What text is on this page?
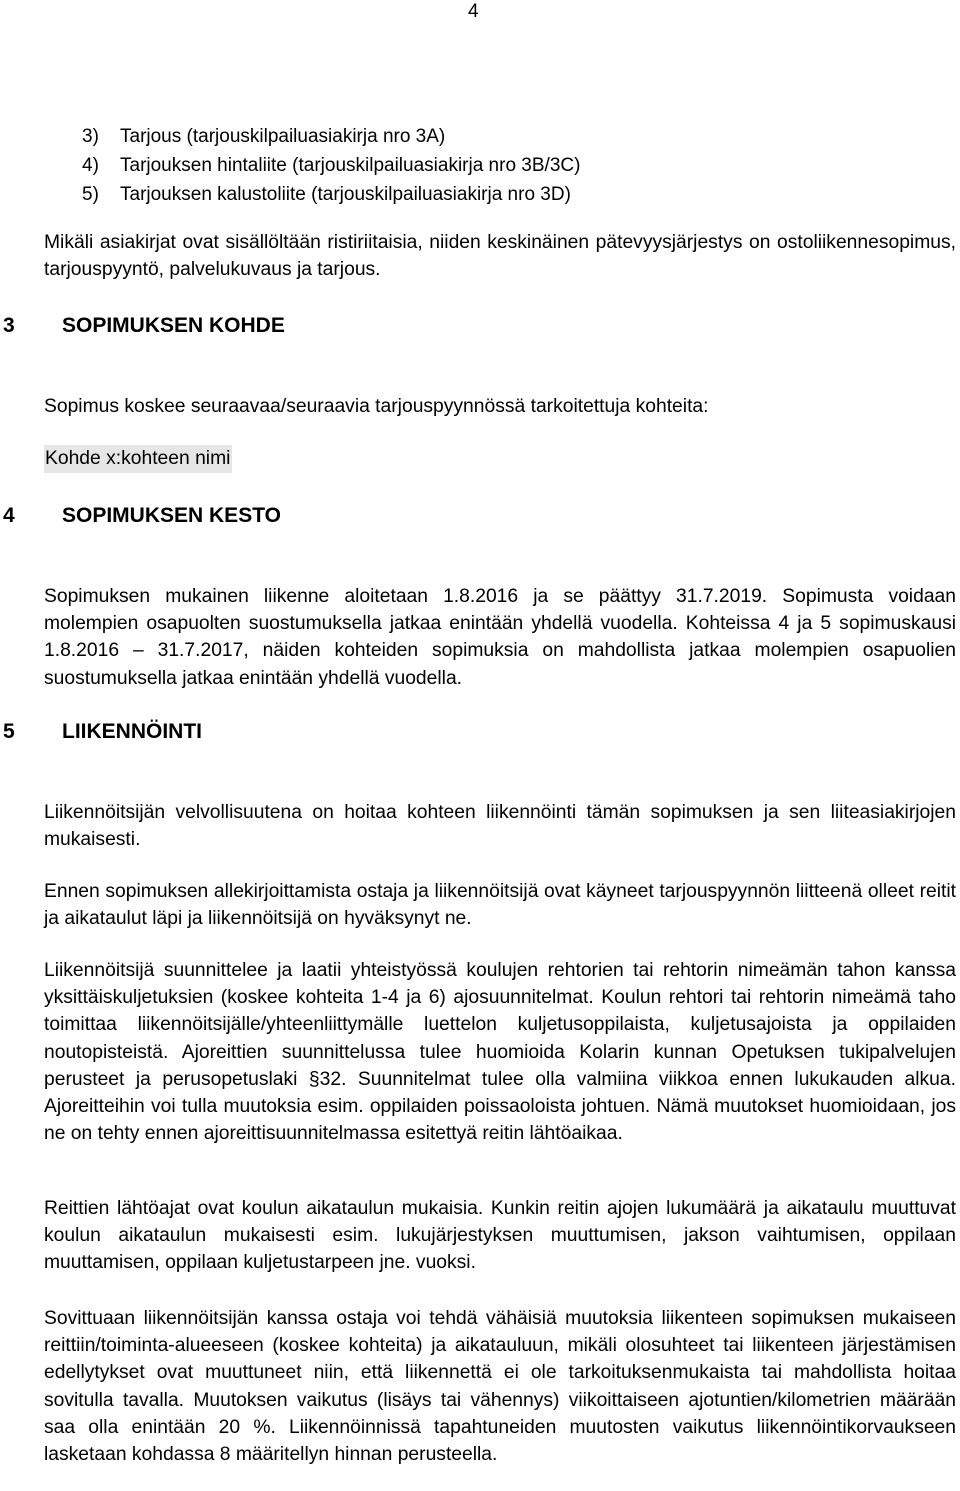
4
3)	Tarjous (tarjouskilpailuasiakirja nro 3A)
4)	Tarjouksen hintaliite (tarjouskilpailuasiakirja nro 3B/3C)
5)	Tarjouksen kalustoliite (tarjouskilpailuasiakirja nro 3D)

Mikäli asiakirjat ovat sisällöltään ristiriitaisia, niiden keskinäinen pätevyysjärjestys on ostoliikennesopimus, tarjouspyyntö, palvelukuvaus ja tarjous.

3	SOPIMUKSEN KOHDE

Sopimus koskee seuraavaa/seuraavia tarjouspyynnössä tarkoitettuja kohteita:

Kohde x:kohteen nimi
4	SOPIMUKSEN KESTO

Sopimuksen mukainen liikenne aloitetaan 1.8.2016 ja se päättyy 31.7.2019. Sopimusta voidaan molempien osapuolten suostumuksella jatkaa enintään yhdellä vuodella. Kohteissa 4 ja 5 sopimuskausi 1.8.2016 – 31.7.2017, näiden kohteiden sopimuksia on mahdollista jatkaa molempien osapuolien suostumuksella jatkaa enintään yhdellä vuodella.

5	LIIKENNÖINTI

Liikennöitsijän velvollisuutena on hoitaa kohteen liikennöinti tämän sopimuksen ja sen liiteasiakirjojen mukaisesti.

Ennen sopimuksen allekirjoittamista ostaja ja liikennöitsijä ovat käyneet tarjouspyynnön liitteenä olleet reitit ja aikataulut läpi ja liikennöitsijä on hyväksynyt ne.

Liikennöitsijä suunnittelee ja laatii yhteistyössä koulujen rehtorien tai rehtorin nimeämän tahon kanssa yksittäiskuljetuksien (koskee kohteita 1-4 ja 6) ajosuunnitelmat. Koulun rehtori tai rehtorin nimeämä taho toimittaa liikennöitsijälle/yhteenliittymälle luettelon kuljetusoppilaista, kuljetusajoista ja oppilaiden noutopisteistä. Ajoreittien suunnittelussa tulee huomioida Kolarin kunnan Opetuksen tukipalvelujen perusteet ja perusopetuslaki §32. Suunnitelmat tulee olla valmiina viikkoa ennen lukukauden alkua. Ajoreitteihin voi tulla muutoksia esim. oppilaiden poissaoloista johtuen. Nämä muutokset huomioidaan, jos ne on tehty ennen ajoreittisuunnitelmassa esitettyä reitin lähtöaikaa.

Reittien lähtöajat ovat koulun aikataulun mukaisia. Kunkin reitin ajojen lukumäärä ja aikataulu muuttuvat koulun aikataulun mukaisesti esim. lukujärjestyksen muuttumisen, jakson vaihtumisen, oppilaan muuttamisen, oppilaan kuljetustarpeen jne. vuoksi.

Sovittuaan liikennöitsijän kanssa ostaja voi tehdä vähäisiä muutoksia liikenteen sopimuksen mukaiseen reittiin/toiminta-alueeseen (koskee kohteita) ja aikatauluun, mikäli olosuhteet tai liikenteen järjestämisen edellytykset ovat muuttuneet niin, että liikennettä ei ole tarkoituksenmukaista tai mahdollista hoitaa sovitulla tavalla. Muutoksen vaikutus (lisäys tai vähennys) viikoittaiseen ajotuntien/kilometrien määrään saa olla enintään 20 %. Liikennöinnissä tapahtuneiden muutosten vaikutus liikennöintikorvaukseen lasketaan kohdassa 8 määritellyn hinnan perusteella.
